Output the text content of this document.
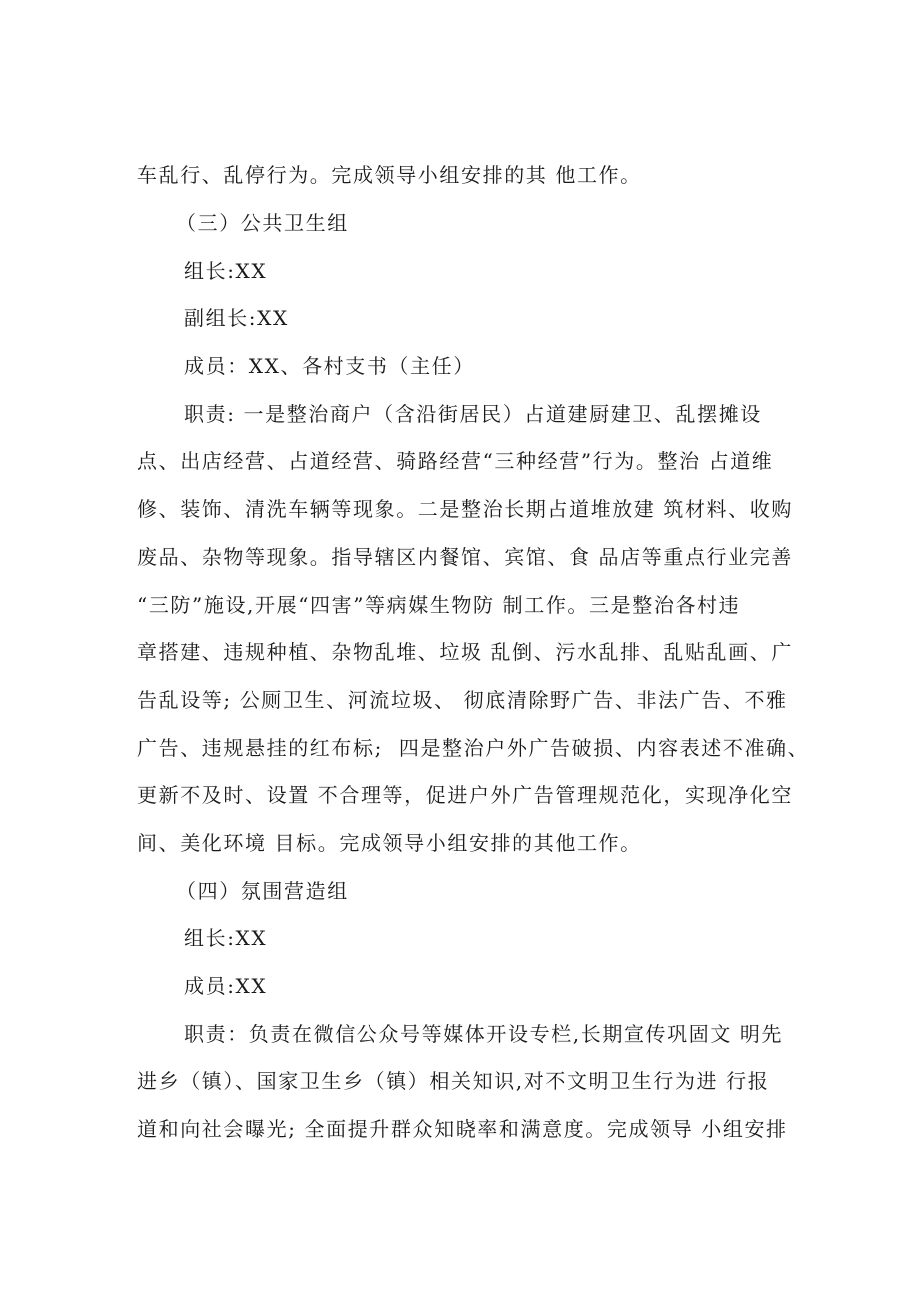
车乱行、乱停行为。完成领导小组安排的其 他工作。
（三）公共卫生组
组长:XX
副组长:XX
成员：XX、各村支书（主任）
职责: 一是整治商户（含沿街居民）占道建厨建卫、乱摆摊设
点、出店经营、占道经营、骑路经营“三种经营”行为。整治 占道维
修、装饰、清洗车辆等现象。二是整治长期占道堆放建 筑材料、收购
废品、杂物等现象。指导辖区内餐馆、宾馆、食 品店等重点行业完善
“三防”施设,开展“四害”等病媒生物防 制工作。三是整治各村违
章搭建、违规种植、杂物乱堆、垃圾 乱倒、污水乱排、乱贴乱画、广
告乱设等; 公厕卫生、河流垃圾、 彻底清除野广告、非法广告、不雅
广告、违规悬挂的红布标;  四是整治户外广告破损、内容表述不准确、
更新不及时、设置 不合理等，促进户外广告管理规范化，实现净化空
间、美化环境 目标。完成领导小组安排的其他工作。
（四）氛围营造组
组长:XX
成员:XX
职责：负责在微信公众号等媒体开设专栏,长期宣传巩固文 明先
进乡（镇）、国家卫生乡（镇）相关知识,对不文明卫生行为进 行报
道和向社会曝光; 全面提升群众知晓率和满意度。完成领导 小组安排
